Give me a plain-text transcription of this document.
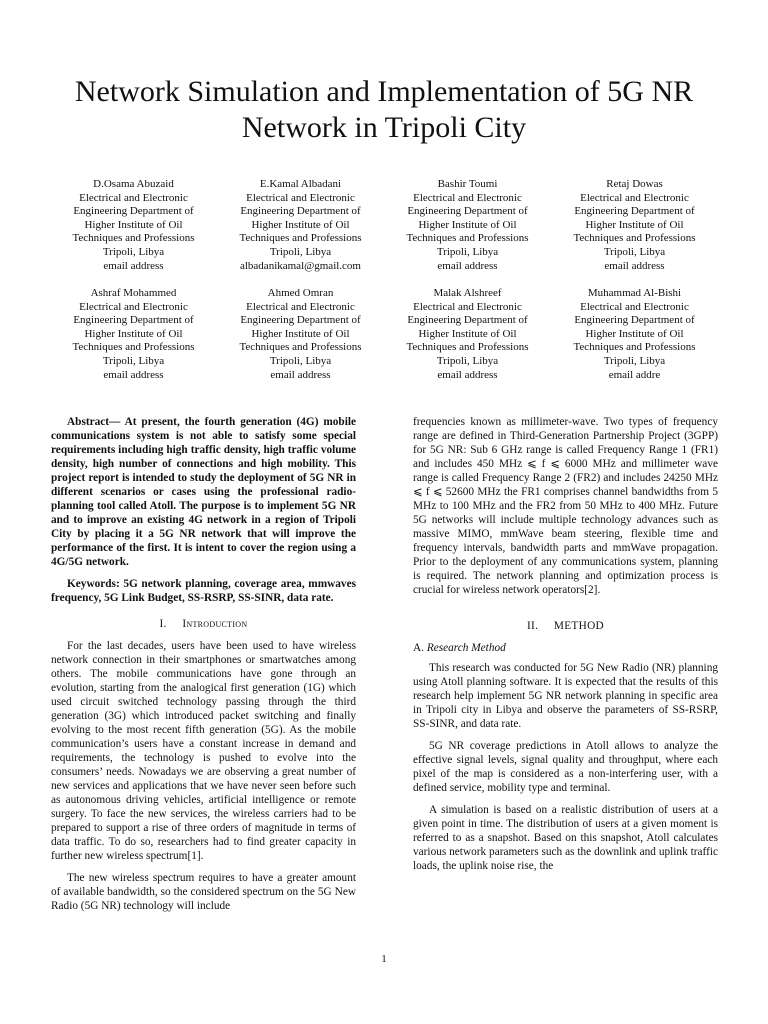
Network Simulation and Implementation of 5G NR Network in Tripoli City
D.Osama Abuzaid
Electrical and Electronic
Engineering Department of
Higher Institute of Oil
Techniques and Professions
Tripoli, Libya
email address
E.Kamal Albadani
Electrical and Electronic
Engineering Department of
Higher Institute of Oil
Techniques and Professions
Tripoli, Libya
albadanikamal@gmail.com
Bashir Toumi
Electrical and Electronic
Engineering Department of
Higher Institute of Oil
Techniques and Professions
Tripoli, Libya
email address
Retaj Dowas
Electrical and Electronic
Engineering Department of
Higher Institute of Oil
Techniques and Professions
Tripoli, Libya
email address
Ashraf Mohammed
Electrical and Electronic
Engineering Department of
Higher Institute of Oil
Techniques and Professions
Tripoli, Libya
email address
Ahmed Omran
Electrical and Electronic
Engineering Department of
Higher Institute of Oil
Techniques and Professions
Tripoli, Libya
email address
Malak Alshreef
Electrical and Electronic
Engineering Department of
Higher Institute of Oil
Techniques and Professions
Tripoli, Libya
email address
Muhammad Al-Bishi
Electrical and Electronic
Engineering Department of
Higher Institute of Oil
Techniques and Professions
Tripoli, Libya
email addre

Abstract— At present, the fourth generation (4G) mobile communications system is not able to satisfy some special requirements including high traffic density, high traffic volume density, high number of connections and high mobility. This project report is intended to study the deployment of 5G NR in different scenarios or cases using the professional radio-planning tool called Atoll. The purpose is to implement 5G NR and to improve an existing 4G network in a region of Tripoli City by placing it a 5G NR network that will improve the performance of the first. It is intent to cover the region using a 4G/5G network.

Keywords: 5G network planning, coverage area, mmwaves frequency, 5G Link Budget, SS-RSRP, SS-SINR, data rate.

I. Introduction

For the last decades, users have been used to have wireless network connection in their smartphones or smartwatches among others. The mobile communications have gone through an evolution, starting from the analogical first generation (1G) which used circuit switched technology passing through the third generation (3G) which introduced packet switching and finally evolving to the most recent fifth generation (5G). As the mobile communication’s users have a constant increase in demand and requirements, the technology is pushed to evolve into the consumers’ needs. Nowadays we are observing a great number of new services and applications that we have never seen before such as autonomous driving vehicles, artificial intelligence or remote surgery. To face the new services, the wireless carriers had to be prepared to support a rise of three orders of magnitude in terms of data traffic. To do so, researchers had to find greater capacity in further new wireless spectrum[1].

The new wireless spectrum requires to have a greater amount of available bandwidth, so the considered spectrum on the 5G New Radio (5G NR) technology will include

frequencies known as millimeter-wave. Two types of frequency range are defined in Third-Generation Partnership Project (3GPP) for 5G NR: Sub 6 GHz range is called Frequency Range 1 (FR1) and includes 450 MHz ⩽ f ⩽ 6000 MHz and millimeter wave range is called Frequency Range 2 (FR2) and includes 24250 MHz ⩽ f ⩽ 52600 MHz the FR1 comprises channel bandwidths from 5 MHz to 100 MHz and the FR2 from 50 MHz to 400 MHz. Future 5G networks will include multiple technology advances such as massive MIMO, mmWave beam steering, flexible time and frequency intervals, bandwidth parts and mmWave propagation. Prior to the deployment of any communications system, planning is required. The network planning and optimization process is crucial for wireless network operators[2].

II. METHOD
A. Research Method

This research was conducted for 5G New Radio (NR) planning using Atoll planning software. It is expected that the results of this research help implement 5G NR network planning in specific area in Tripoli city in Libya and observe the parameters of SS-RSRP, SS-SINR, and data rate.

5G NR coverage predictions in Atoll allows to analyze the effective signal levels, signal quality and throughput, where each pixel of the map is considered as a non-interfering user, with a defined service, mobility type and terminal.

A simulation is based on a realistic distribution of users at a given point in time. The distribution of users at a given moment is referred to as a snapshot. Based on this snapshot, Atoll calculates various network parameters such as the downlink and uplink traffic loads, the uplink noise rise, the

1
